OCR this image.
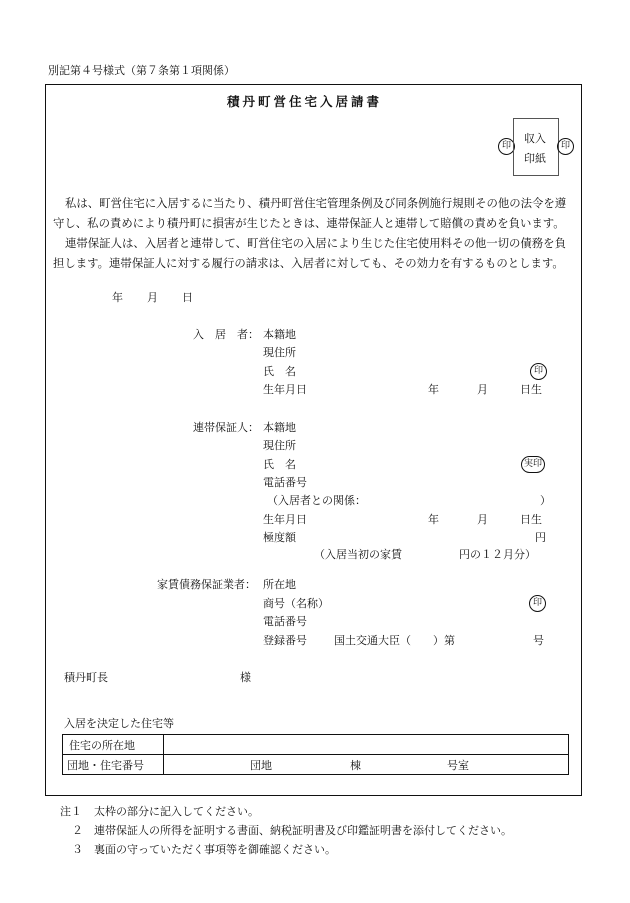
別記第４号様式（第７条第１項関係）
積丹町営住宅入居請書
印
収入
印紙
印
私は、町営住宅に入居するに当たり、積丹町営住宅管理条例及び同条例施行規則その他の法令を遵
守し、私の責めにより積丹町に損害が生じたときは、連帯保証人と連帯して賠償の責めを負います。
連帯保証人は、入居者と連帯して、町営住宅の入居により生じた住宅使用料その他一切の債務を負
担します。連帯保証人に対する履行の請求は、入居者に対しても、その効力を有するものとします。
年 月 日
入　居　者： 本籍地
現住所
氏　名	印
生年月日	年	月	日生
連帯保証人： 本籍地
現住所
氏　名	実印
電話番号
（入居者との関係：	）
生年月日	年	月	日生
極度額	円
（入居当初の家賃	円の１２月分）
家賃債務保証業者： 所在地
商号（名称）	印
電話番号
登録番号 国土交通大臣（　　）第	号
積丹町長	様
入居を決定した住宅等
住宅の所在地	
団地・住宅番号	団地 棟 号室
注１ 太枠の部分に記入してください。
２ 連帯保証人の所得を証明する書面、納税証明書及び印鑑証明書を添付してください。
３ 裏面の守っていただく事項等を御確認ください。
